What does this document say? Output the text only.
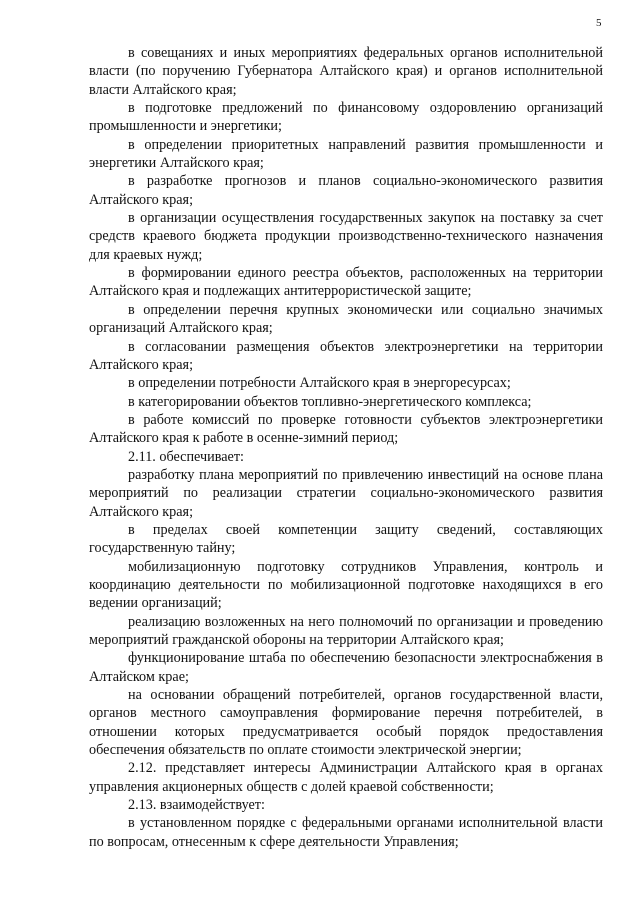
5

в совещаниях и иных мероприятиях федеральных органов исполнительной власти (по поручению Губернатора Алтайского края) и органов исполнительной власти Алтайского края;

в подготовке предложений по финансовому оздоровлению организаций промышленности и энергетики;

в определении приоритетных направлений развития промышленности и энергетики Алтайского края;

в разработке прогнозов и планов социально-экономического развития Алтайского края;

в организации осуществления государственных закупок на поставку за счет средств краевого бюджета продукции производственно-технического назначения для краевых нужд;

в формировании единого реестра объектов, расположенных на территории Алтайского края и подлежащих антитеррористической защите;

в определении перечня крупных экономически или социально значимых организаций Алтайского края;

в согласовании размещения объектов электроэнергетики на территории Алтайского края;

в определении потребности Алтайского края в энергоресурсах;

в категорировании объектов топливно-энергетического комплекса;

в работе комиссий по проверке готовности субъектов электроэнергетики Алтайского края к работе в осенне-зимний период;

2.11. обеспечивает:

разработку плана мероприятий по привлечению инвестиций на основе плана мероприятий по реализации стратегии социально-экономического развития Алтайского края;

в пределах своей компетенции защиту сведений, составляющих государственную тайну;

мобилизационную подготовку сотрудников Управления, контроль и координацию деятельности по мобилизационной подготовке находящихся в его ведении организаций;

реализацию возложенных на него полномочий по организации и проведению мероприятий гражданской обороны на территории Алтайского края;

функционирование штаба по обеспечению безопасности электроснабжения в Алтайском крае;

на основании обращений потребителей, органов государственной власти, органов местного самоуправления формирование перечня потребителей, в отношении которых предусматривается особый порядок предоставления обеспечения обязательств по оплате стоимости электрической энергии;

2.12. представляет интересы Администрации Алтайского края в органах управления акционерных обществ с долей краевой собственности;

2.13. взаимодействует:

в установленном порядке с федеральными органами исполнительной власти по вопросам, отнесенным к сфере деятельности Управления;
